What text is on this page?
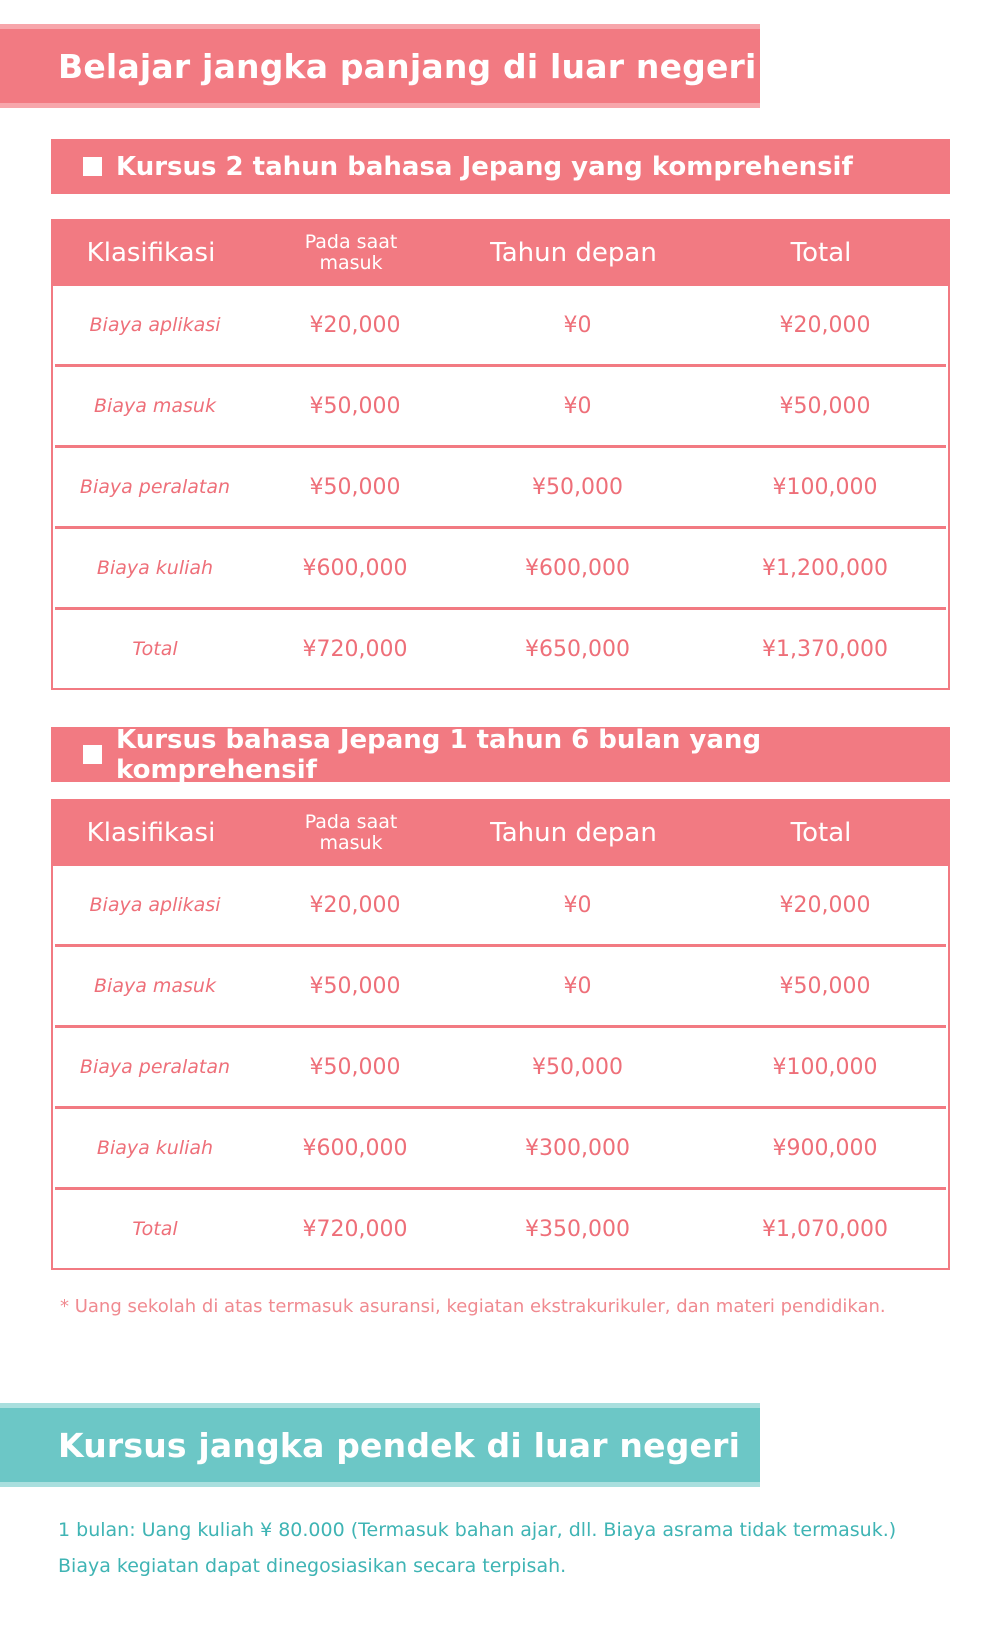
Belajar jangka panjang di luar negeri
Kursus 2 tahun bahasa Jepang yang komprehensif
Klasifikasi	Pada saat masuk	Tahun depan	Total
Biaya aplikasi	¥20,000	¥0	¥20,000
Biaya masuk	¥50,000	¥0	¥50,000
Biaya peralatan	¥50,000	¥50,000	¥100,000
Biaya kuliah	¥600,000	¥600,000	¥1,200,000
Total	¥720,000	¥650,000	¥1,370,000
Kursus bahasa Jepang 1 tahun 6 bulan yang komprehensif
Klasifikasi	Pada saat masuk	Tahun depan	Total
Biaya aplikasi	¥20,000	¥0	¥20,000
Biaya masuk	¥50,000	¥0	¥50,000
Biaya peralatan	¥50,000	¥50,000	¥100,000
Biaya kuliah	¥600,000	¥300,000	¥900,000
Total	¥720,000	¥350,000	¥1,070,000

* Uang sekolah di atas termasuk asuransi, kegiatan ekstrakurikuler, dan materi pendidikan.

Kursus jangka pendek di luar negeri

1 bulan: Uang kuliah ¥ 80.000 (Termasuk bahan ajar, dll. Biaya asrama tidak termasuk.)

Biaya kegiatan dapat dinegosiasikan secara terpisah.
